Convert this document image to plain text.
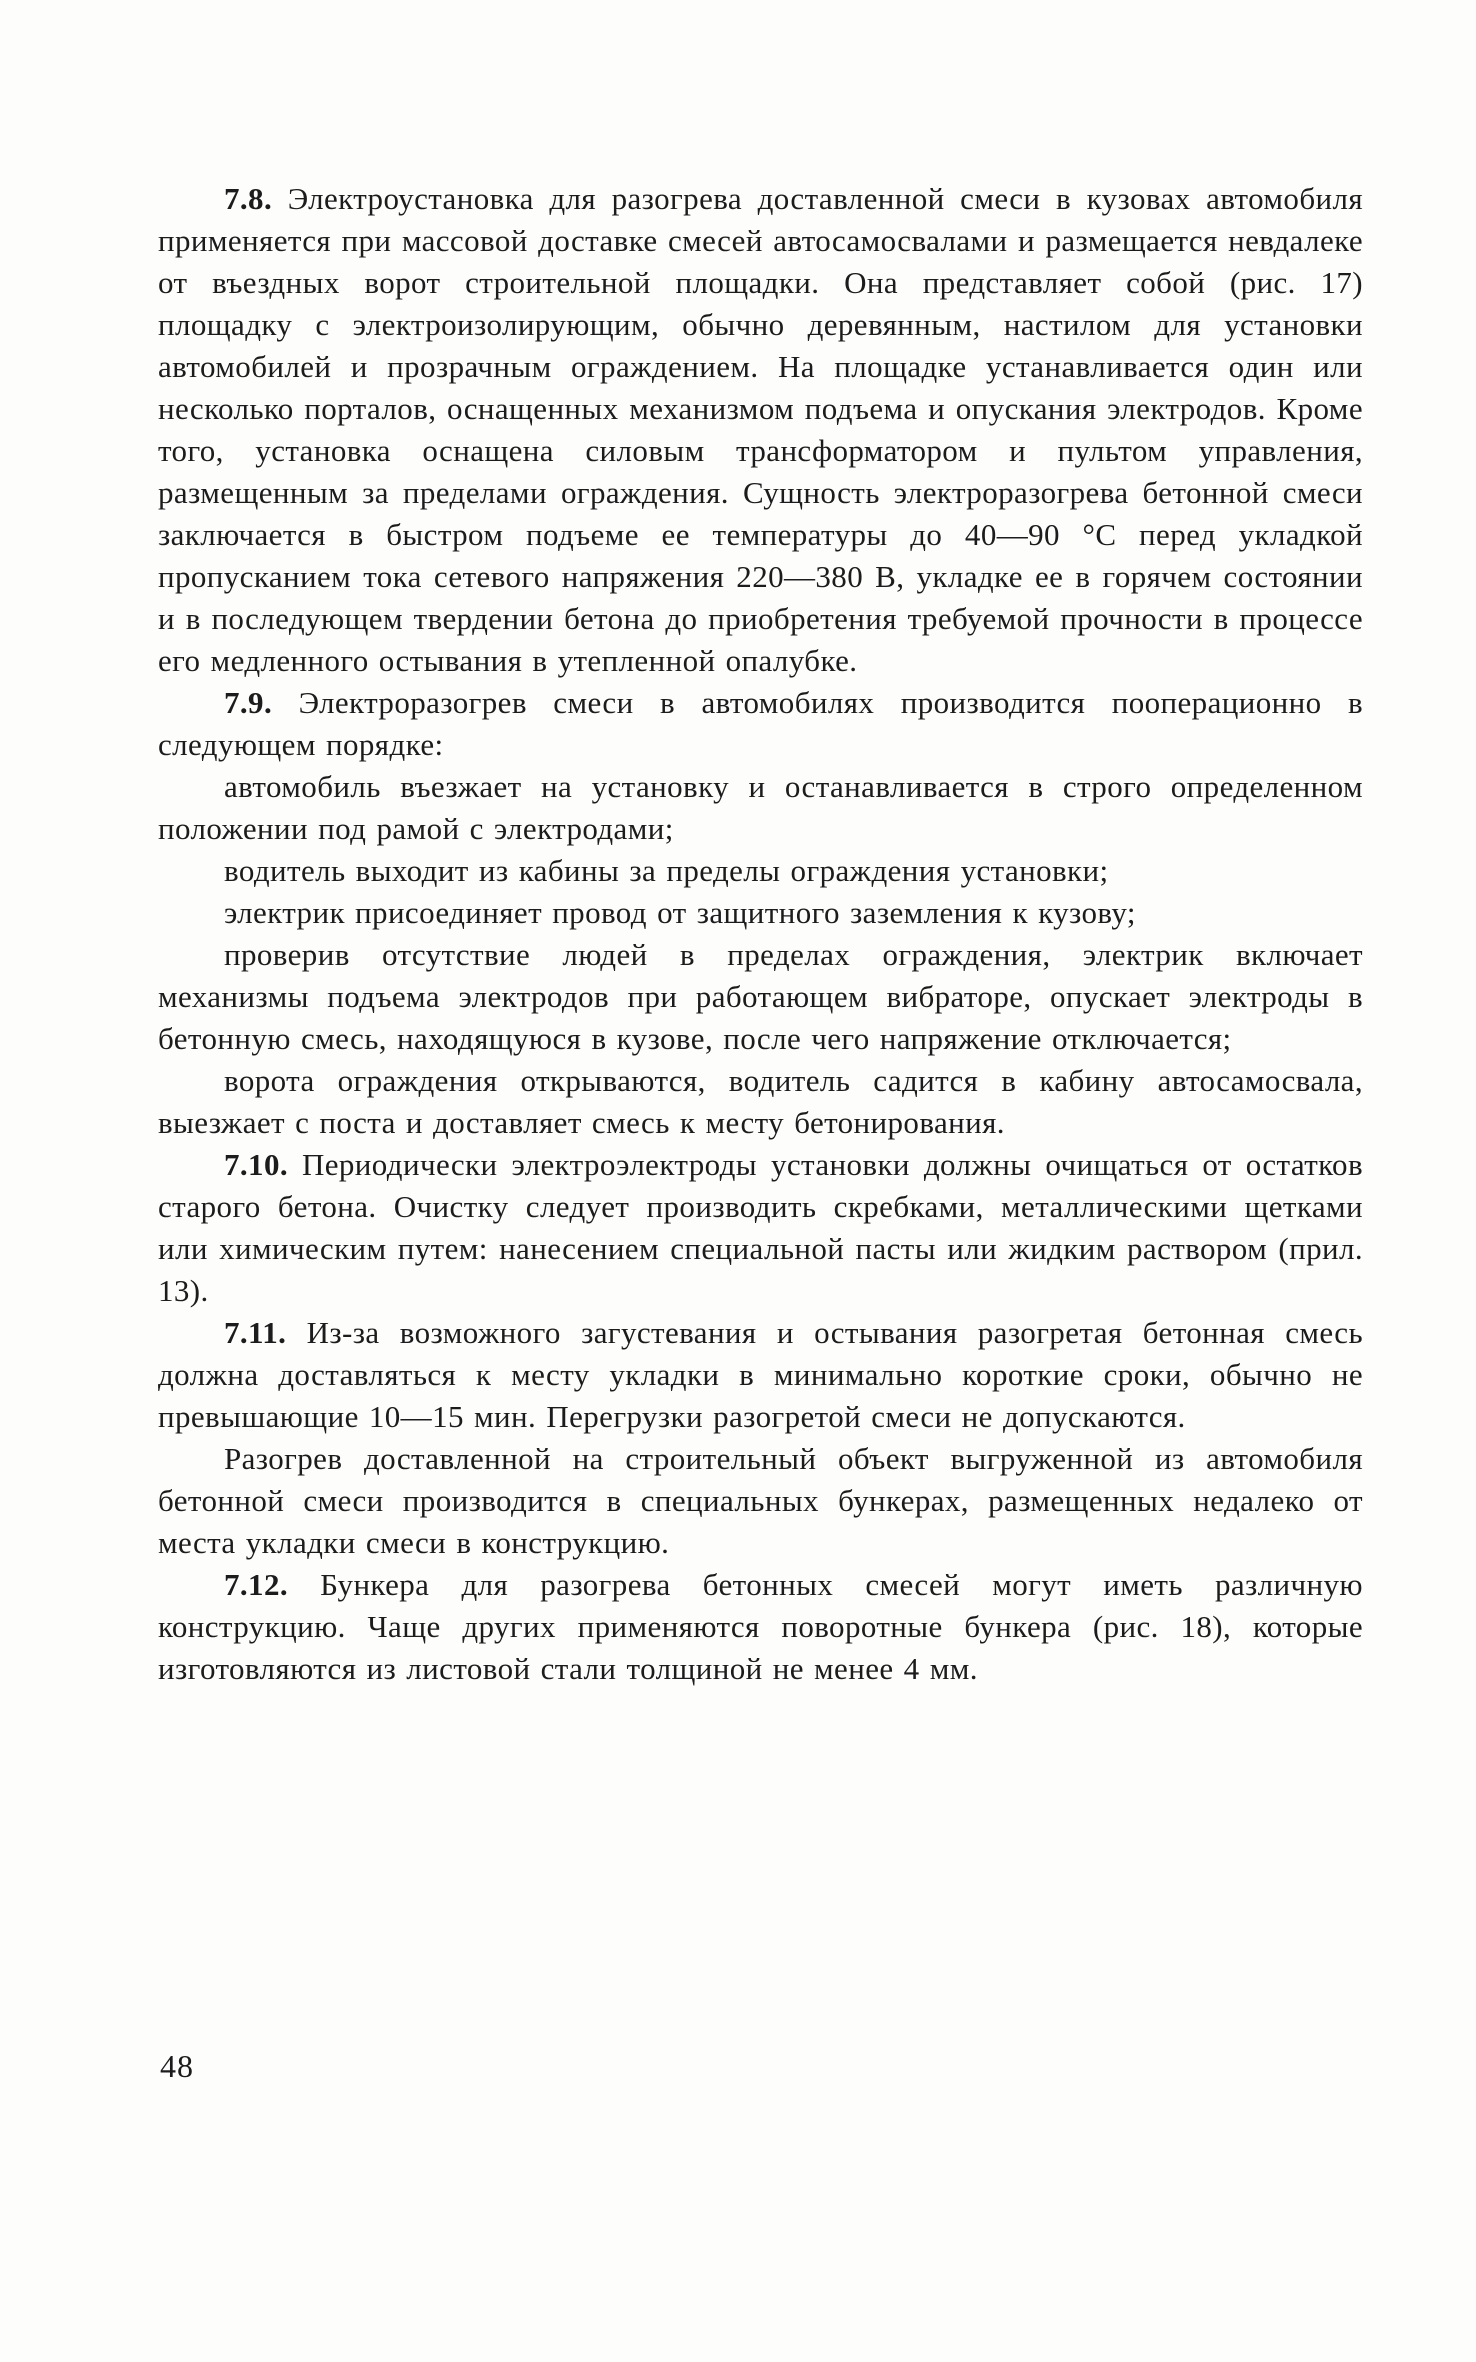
7.8. Электроустановка для разогрева доставленной смеси в кузовах автомобиля применяется при массовой доставке смесей автосамосвалами и размещается невдалеке от въездных ворот строительной площадки. Она представляет собой (рис. 17) площадку с электроизолирующим, обычно деревянным, настилом для установки автомобилей и прозрачным ограждением. На площадке устанавливается один или несколько порталов, оснащенных механизмом подъема и опускания электродов. Кроме того, установка оснащена силовым трансформатором и пультом управления, размещенным за пределами ограждения. Сущность электроразогрева бетонной смеси заключается в быстром подъеме ее температуры до 40—90 °С перед укладкой пропусканием тока сетевого напряжения 220—380 В, укладке ее в горячем состоянии и в последующем твердении бетона до приобретения требуемой прочности в процессе его медленного остывания в утепленной опалубке.

7.9. Электроразогрев смеси в автомобилях производится пооперационно в следующем порядке:

автомобиль въезжает на установку и останавливается в строго определенном положении под рамой с электродами;

водитель выходит из кабины за пределы ограждения установки;

электрик присоединяет провод от защитного заземления к кузову;

проверив отсутствие людей в пределах ограждения, электрик включает механизмы подъема электродов при работающем вибраторе, опускает электроды в бетонную смесь, находящуюся в кузове, после чего напряжение отключается;

ворота ограждения открываются, водитель садится в кабину автосамосвала, выезжает с поста и доставляет смесь к месту бетонирования.

7.10. Периодически электроэлектроды установки должны очищаться от остатков старого бетона. Очистку следует производить скребками, металлическими щетками или химическим путем: нанесением специальной пасты или жидким раствором (прил. 13).

7.11. Из-за возможного загустевания и остывания разогретая бетонная смесь должна доставляться к месту укладки в минимально короткие сроки, обычно не превышающие 10—15 мин. Перегрузки разогретой смеси не допускаются.

Разогрев доставленной на строительный объект выгруженной из автомобиля бетонной смеси производится в специальных бункерах, размещенных недалеко от места укладки смеси в конструкцию.

7.12. Бункера для разогрева бетонных смесей могут иметь различную конструкцию. Чаще других применяются поворотные бункера (рис. 18), которые изготовляются из листовой стали толщиной не менее 4 мм.

48
